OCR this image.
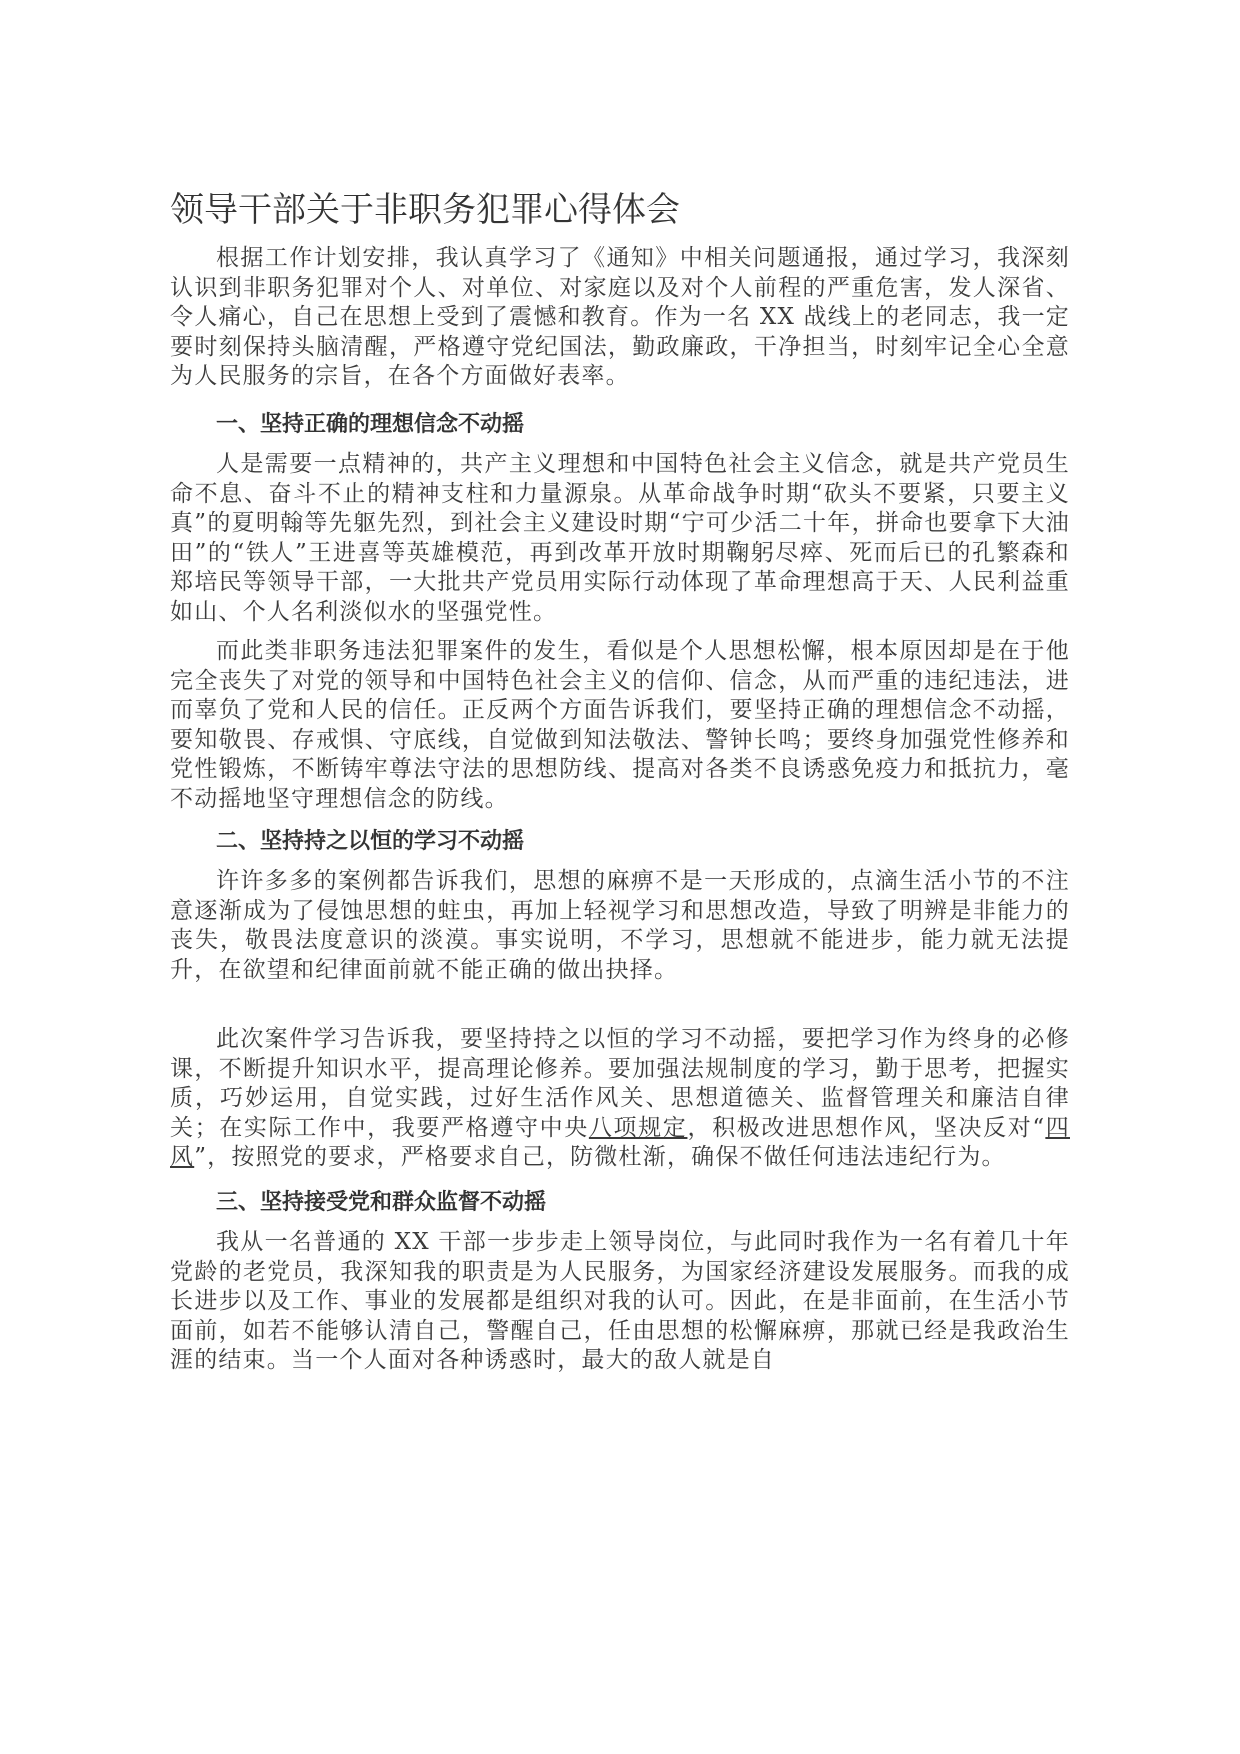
领导干部关于非职务犯罪心得体会

根据工作计划安排，我认真学习了《通知》中相关问题通报，通过学习，我深刻认识到非职务犯罪对个人、对单位、对家庭以及对个人前程的严重危害，发人深省、令人痛心，自己在思想上受到了震憾和教育。作为一名 XX 战线上的老同志，我一定要时刻保持头脑清醒，严格遵守党纪国法，勤政廉政，干净担当，时刻牢记全心全意为人民服务的宗旨，在各个方面做好表率。

一、坚持正确的理想信念不动摇

人是需要一点精神的，共产主义理想和中国特色社会主义信念，就是共产党员生命不息、奋斗不止的精神支柱和力量源泉。从革命战争时期“砍头不要紧，只要主义真”的夏明翰等先躯先烈，到社会主义建设时期“宁可少活二十年，拼命也要拿下大油田”的“铁人”王进喜等英雄模范，再到改革开放时期鞠躬尽瘁、死而后已的孔繁森和郑培民等领导干部，一大批共产党员用实际行动体现了革命理想高于天、人民利益重如山、个人名利淡似水的坚强党性。

而此类非职务违法犯罪案件的发生，看似是个人思想松懈，根本原因却是在于他完全丧失了对党的领导和中国特色社会主义的信仰、信念，从而严重的违纪违法，进而辜负了党和人民的信任。正反两个方面告诉我们，要坚持正确的理想信念不动摇，要知敬畏、存戒惧、守底线，自觉做到知法敬法、警钟长鸣；要终身加强党性修养和党性锻炼，不断铸牢尊法守法的思想防线、提高对各类不良诱惑免疫力和抵抗力，毫不动摇地坚守理想信念的防线。

二、坚持持之以恒的学习不动摇

许许多多的案例都告诉我们，思想的麻痹不是一天形成的，点滴生活小节的不注意逐渐成为了侵蚀思想的蛀虫，再加上轻视学习和思想改造，导致了明辨是非能力的丧失，敬畏法度意识的淡漠。事实说明，不学习，思想就不能进步，能力就无法提升，在欲望和纪律面前就不能正确的做出抉择。

此次案件学习告诉我，要坚持持之以恒的学习不动摇，要把学习作为终身的必修课，不断提升知识水平，提高理论修养。要加强法规制度的学习，勤于思考，把握实质，巧妙运用，自觉实践，过好生活作风关、思想道德关、监督管理关和廉洁自律关；在实际工作中，我要严格遵守中央八项规定，积极改进思想作风，坚决反对“四风”，按照党的要求，严格要求自己，防微杜渐，确保不做任何违法违纪行为。

三、坚持接受党和群众监督不动摇

我从一名普通的 XX 干部一步步走上领导岗位，与此同时我作为一名有着几十年党龄的老党员，我深知我的职责是为人民服务，为国家经济建设发展服务。而我的成长进步以及工作、事业的发展都是组织对我的认可。因此，在是非面前，在生活小节面前，如若不能够认清自己，警醒自己，任由思想的松懈麻痹，那就已经是我政治生涯的结束。当一个人面对各种诱惑时，最大的敌人就是自
